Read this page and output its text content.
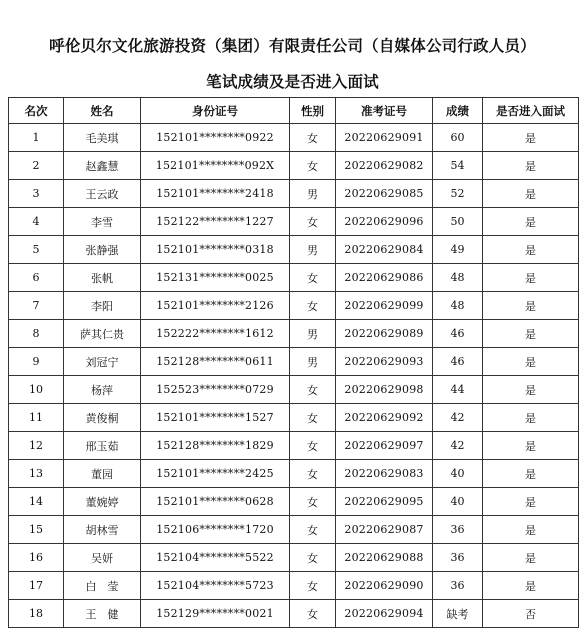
呼伦贝尔文化旅游投资（集团）有限责任公司（自媒体公司行政人员）
笔试成绩及是否进入面试
名次	姓名	身份证号	性别	准考证号	成绩	是否进入面试
1	毛美琪	152101********0922	女	20220629091	60	是
2	赵鑫慧	152101********092X	女	20220629082	54	是
3	王云政	152101********2418	男	20220629085	52	是
4	李雪	152122********1227	女	20220629096	50	是
5	张静强	152101********0318	男	20220629084	49	是
6	张帆	152131********0025	女	20220629086	48	是
7	李阳	152101********2126	女	20220629099	48	是
8	萨其仁贵	152222********1612	男	20220629089	46	是
9	刘冠宁	152128********0611	男	20220629093	46	是
10	杨萍	152523********0729	女	20220629098	44	是
11	黄俊桐	152101********1527	女	20220629092	42	是
12	邢玉茹	152128********1829	女	20220629097	42	是
13	董园	152101********2425	女	20220629083	40	是
14	董婉婷	152101********0628	女	20220629095	40	是
15	胡林雪	152106********1720	女	20220629087	36	是
16	吴妍	152104********5522	女	20220629088	36	是
17	白　莹	152104********5723	女	20220629090	36	是
18	王　健	152129********0021	女	20220629094	缺考	否
